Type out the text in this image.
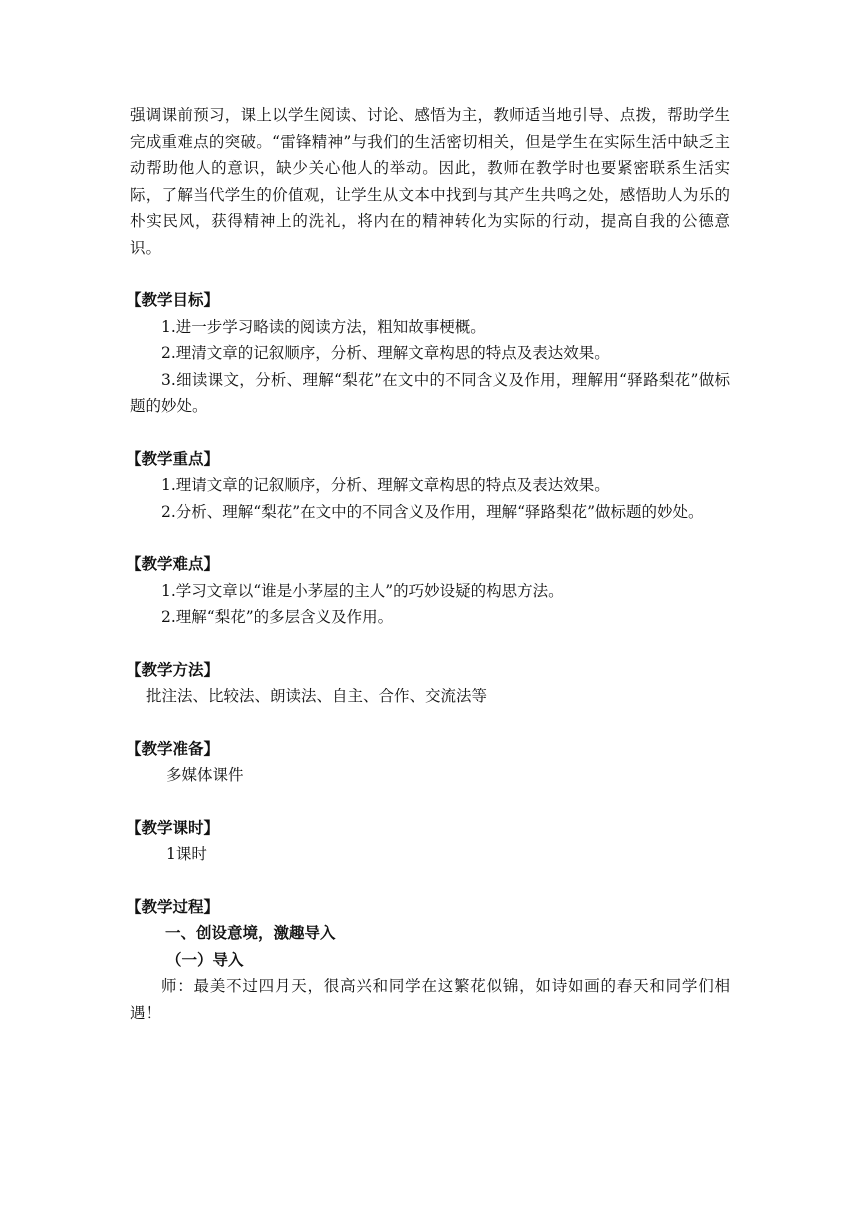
强调课前预习，课上以学生阅读、讨论、感悟为主，教师适当地引导、点拨，帮助学生完成重难点的突破。“雷锋精神”与我们的生活密切相关，但是学生在实际生活中缺乏主动帮助他人的意识，缺少关心他人的举动。因此，教师在教学时也要紧密联系生活实际，了解当代学生的价值观，让学生从文本中找到与其产生共鸣之处，感悟助人为乐的朴实民风，获得精神上的洗礼，将内在的精神转化为实际的行动，提高自我的公德意识。

【教学目标】

1.进一步学习略读的阅读方法，粗知故事梗概。

2.理清文章的记叙顺序，分析、理解文章构思的特点及表达效果。

3.细读课文，分析、理解“梨花”在文中的不同含义及作用，理解用“驿路梨花”做标题的妙处。

【教学重点】

1.理请文章的记叙顺序，分析、理解文章构思的特点及表达效果。

2.分析、理解“梨花”在文中的不同含义及作用，理解“驿路梨花”做标题的妙处。

【教学难点】

1.学习文章以“谁是小茅屋的主人”的巧妙设疑的构思方法。

2.理解“梨花”的多层含义及作用。

【教学方法】

批注法、比较法、朗读法、自主、合作、交流法等

【教学准备】

多媒体课件

【教学课时】

1课时

【教学过程】

一、创设意境，激趣导入

（一）导入

师：最美不过四月天，很高兴和同学在这繁花似锦，如诗如画的春天和同学们相遇！
